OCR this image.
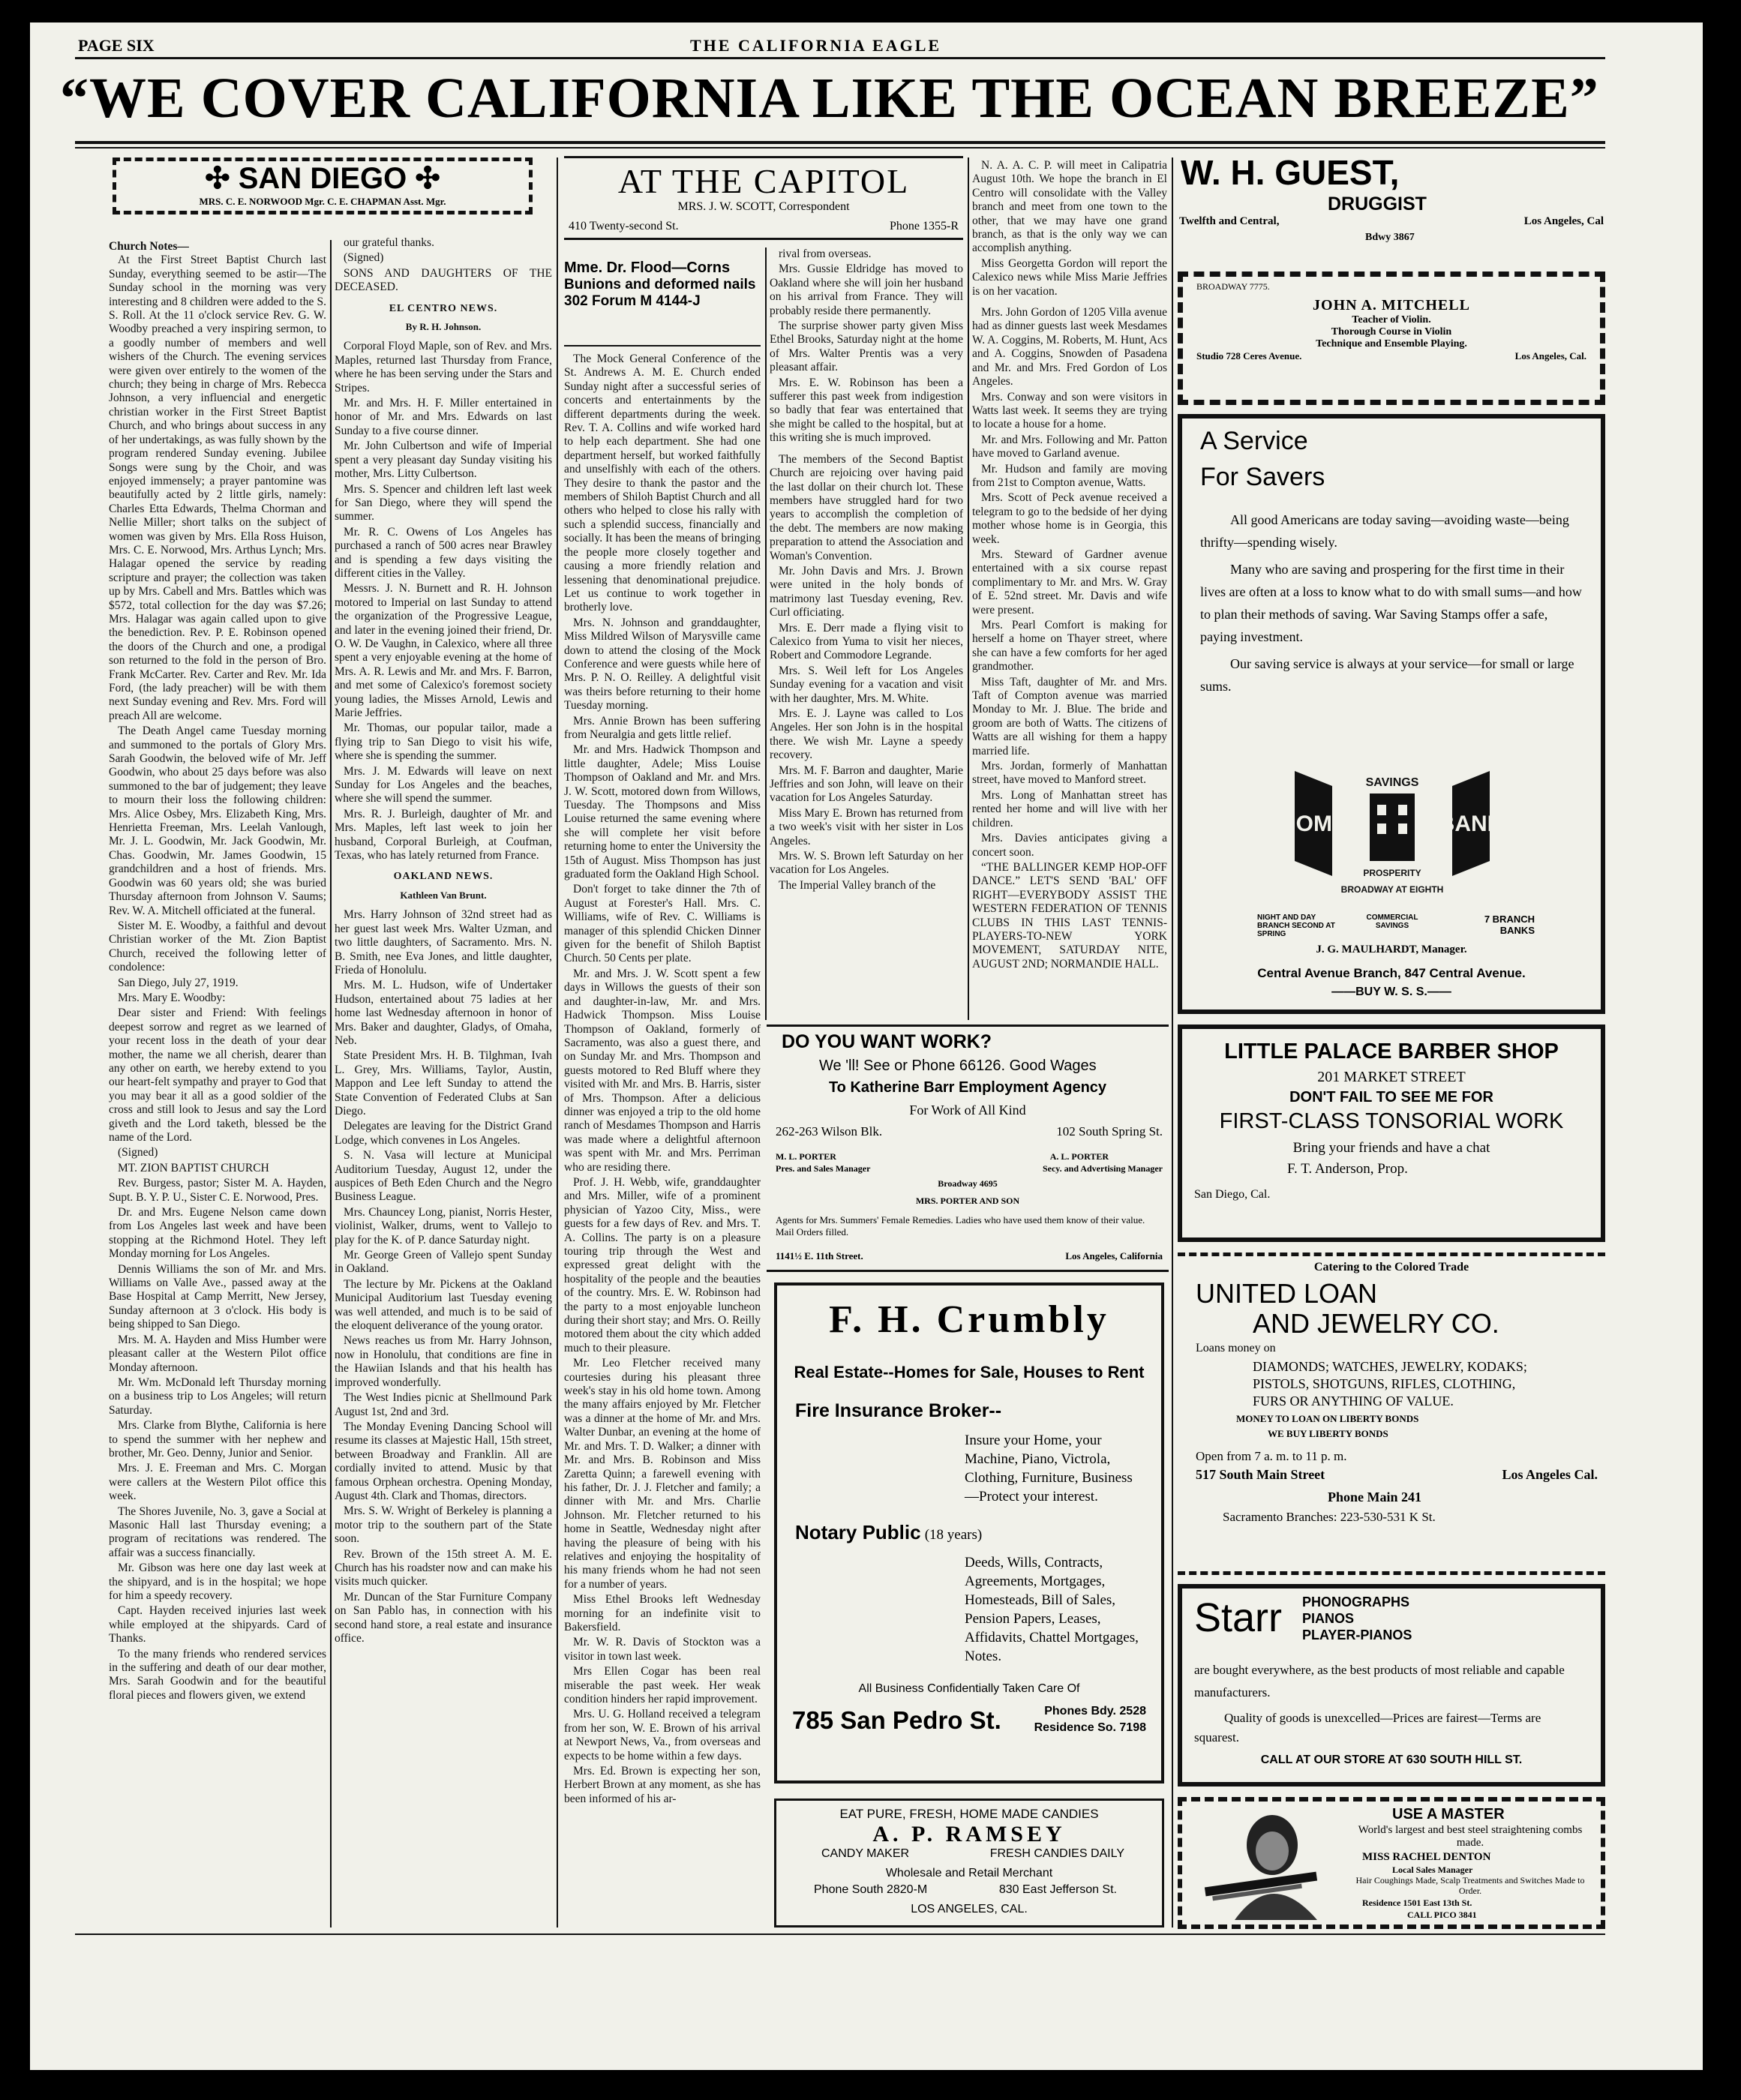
PAGE SIX	THE CALIFORNIA EAGLE
“WE COVER CALIFORNIA LIKE THE OCEAN BREEZE”
✣ SAN DIEGO ✣
MRS. C. E. NORWOOD Mgr. C. E. CHAPMAN Asst. Mgr.
Church Notes—

At the First Street Baptist Church last Sunday, everything seemed to be astir—The Sunday school in the morning was very interesting and 8 children were added to the S. S. Roll. At the 11 o'clock service Rev. G. W. Woodby preached a very inspiring sermon, to a goodly number of members and well wishers of the Church. The evening services were given over entirely to the women of the church; they being in charge of Mrs. Rebecca Johnson, a very influencial and energetic christian worker in the First Street Baptist Church, and who brings about success in any of her undertakings, as was fully shown by the program rendered Sunday evening. Jubilee Songs were sung by the Choir, and was enjoyed immensely; a prayer pantomine was beautifully acted by 2 little girls, namely: Charles Etta Edwards, Thelma Chorman and Nellie Miller; short talks on the subject of women was given by Mrs. Ella Ross Huison, Mrs. C. E. Norwood, Mrs. Arthus Lynch; Mrs. Halagar opened the service by reading scripture and prayer; the collection was taken up by Mrs. Cabell and Mrs. Battles which was $572, total collection for the day was $7.26; Mrs. Halagar was again called upon to give the benediction. Rev. P. E. Robinson opened the doors of the Church and one, a prodigal son returned to the fold in the person of Bro. Frank McCarter. Rev. Carter and Rev. Mr. Ida Ford, (the lady preacher) will be with them next Sunday evening and Rev. Mrs. Ford will preach All are welcome.

The Death Angel came Tuesday morning and summoned to the portals of Glory Mrs. Sarah Goodwin, the beloved wife of Mr. Jeff Goodwin, who about 25 days before was also summoned to the bar of judgement; they leave to mourn their loss the following children: Mrs. Alice Osbey, Mrs. Elizabeth King, Mrs. Henrietta Freeman, Mrs. Leelah Vanlough, Mr. J. L. Goodwin, Mr. Jack Goodwin, Mr. Chas. Goodwin, Mr. James Goodwin, 15 grandchildren and a host of friends. Mrs. Goodwin was 60 years old; she was buried Thursday afternoon from Johnson V. Saums; Rev. W. A. Mitchell officiated at the funeral.

Sister M. E. Woodby, a faithful and devout Christian worker of the Mt. Zion Baptist Church, received the following letter of condolence:

San Diego, July 27, 1919.

Mrs. Mary E. Woodby:

Dear sister and Friend: With feelings deepest sorrow and regret as we learned of your recent loss in the death of your dear mother, the name we all cherish, dearer than any other on earth, we hereby extend to you our heart-felt sympathy and prayer to God that you may bear it all as a good soldier of the cross and still look to Jesus and say the Lord giveth and the Lord taketh, blessed be the name of the Lord.

(Signed)

MT. ZION BAPTIST CHURCH

Rev. Burgess, pastor; Sister M. A. Hayden, Supt. B. Y. P. U., Sister C. E. Norwood, Pres.

Dr. and Mrs. Eugene Nelson came down from Los Angeles last week and have been stopping at the Richmond Hotel. They left Monday morning for Los Angeles.

Dennis Williams the son of Mr. and Mrs. Williams on Valle Ave., passed away at the Base Hospital at Camp Merritt, New Jersey, Sunday afternoon at 3 o'clock. His body is being shipped to San Diego.

Mrs. M. A. Hayden and Miss Humber were pleasant caller at the Western Pilot office Monday afternoon.

Mr. Wm. McDonald left Thursday morning on a business trip to Los Angeles; will return Saturday.

Mrs. Clarke from Blythe, California is here to spend the summer with her nephew and brother, Mr. Geo. Denny, Junior and Senior.

Mrs. J. E. Freeman and Mrs. C. Morgan were callers at the Western Pilot office this week.

The Shores Juvenile, No. 3, gave a Social at Masonic Hall last Thursday evening; a program of recitations was rendered. The affair was a success financially.

Mr. Gibson was here one day last week at the shipyard, and is in the hospital; we hope for him a speedy recovery.

Capt. Hayden received injuries last week while employed at the shipyards. Card of Thanks.

To the many friends who rendered services in the suffering and death of our dear mother, Mrs. Sarah Goodwin and for the beautiful floral pieces and flowers given, we extend

our grateful thanks.

(Signed)

SONS AND DAUGHTERS OF THE DECEASED.

EL CENTRO NEWS.
By R. H. Johnson.

Corporal Floyd Maple, son of Rev. and Mrs. Maples, returned last Thursday from France, where he has been serving under the Stars and Stripes.

Mr. and Mrs. H. F. Miller entertained in honor of Mr. and Mrs. Edwards on last Sunday to a five course dinner.

Mr. John Culbertson and wife of Imperial spent a very pleasant day Sunday visiting his mother, Mrs. Litty Culbertson.

Mrs. S. Spencer and children left last week for San Diego, where they will spend the summer.

Mr. R. C. Owens of Los Angeles has purchased a ranch of 500 acres near Brawley and is spending a few days visiting the different cities in the Valley.

Messrs. J. N. Burnett and R. H. Johnson motored to Imperial on last Sunday to attend the organization of the Progressive League, and later in the evening joined their friend, Dr. O. W. De Vaughn, in Calexico, where all three spent a very enjoyable evening at the home of Mrs. A. R. Lewis and Mr. and Mrs. F. Barron, and met some of Calexico's foremost society young ladies, the Misses Arnold, Lewis and Marie Jeffries.

Mr. Thomas, our popular tailor, made a flying trip to San Diego to visit his wife, where she is spending the summer.

Mrs. J. M. Edwards will leave on next Sunday for Los Angeles and the beaches, where she will spend the summer.

Mrs. R. J. Burleigh, daughter of Mr. and Mrs. Maples, left last week to join her husband, Corporal Burleigh, at Coufman, Texas, who has lately returned from France.

OAKLAND NEWS.
Kathleen Van Brunt.

Mrs. Harry Johnson of 32nd street had as her guest last week Mrs. Walter Uzman, and two little daughters, of Sacramento. Mrs. N. B. Smith, nee Eva Jones, and little daughter, Frieda of Honolulu.

Mrs. M. L. Hudson, wife of Undertaker Hudson, entertained about 75 ladies at her home last Wednesday afternoon in honor of Mrs. Baker and daughter, Gladys, of Omaha, Neb.

State President Mrs. H. B. Tilghman, Ivah L. Grey, Mrs. Williams, Taylor, Austin, Mappon and Lee left Sunday to attend the State Convention of Federated Clubs at San Diego.

Delegates are leaving for the District Grand Lodge, which convenes in Los Angeles.

S. N. Vasa will lecture at Municipal Auditorium Tuesday, August 12, under the auspices of Beth Eden Church and the Negro Business League.

Mrs. Chauncey Long, pianist, Norris Hester, violinist, Walker, drums, went to Vallejo to play for the K. of P. dance Saturday night.

Mr. George Green of Vallejo spent Sunday in Oakland.

The lecture by Mr. Pickens at the Oakland Municipal Auditorium last Tuesday evening was well attended, and much is to be said of the eloquent deliverance of the young orator.

News reaches us from Mr. Harry Johnson, now in Honolulu, that conditions are fine in the Hawiian Islands and that his health has improved wonderfully.

The West Indies picnic at Shellmound Park August 1st, 2nd and 3rd.

The Monday Evening Dancing School will resume its classes at Majestic Hall, 15th street, between Broadway and Franklin. All are cordially invited to attend. Music by that famous Orphean orchestra. Opening Monday, August 4th. Clark and Thomas, directors.

Mrs. S. W. Wright of Berkeley is planning a motor trip to the southern part of the State soon.

Rev. Brown of the 15th street A. M. E. Church has his roadster now and can make his visits much quicker.

Mr. Duncan of the Star Furniture Company on San Pablo has, in connection with his second hand store, a real estate and insurance office.

AT THE CAPITOL
MRS. J. W. SCOTT, Correspondent
410 Twenty-second St.	Phone 1355-R
Mme. Dr. Flood—Corns
Bunions and deformed nails
302 Forum M 4144-J

The Mock General Conference of the St. Andrews A. M. E. Church ended Sunday night after a successful series of concerts and entertainments by the different departments during the week. Rev. T. A. Collins and wife worked hard to help each department. She had one department herself, but worked faithfully and unselfishly with each of the others. They desire to thank the pastor and the members of Shiloh Baptist Church and all others who helped to close his rally with such a splendid success, financially and socially. It has been the means of bringing the people more closely together and causing a more friendly relation and lessening that denominational prejudice. Let us continue to work together in brotherly love.

Mrs. N. Johnson and granddaughter, Miss Mildred Wilson of Marysville came down to attend the closing of the Mock Conference and were guests while here of Mrs. P. N. O. Reilley. A delightful visit was theirs before returning to their home Tuesday morning.

Mrs. Annie Brown has been suffering from Neuralgia and gets little relief.

Mr. and Mrs. Hadwick Thompson and little daughter, Adele; Miss Louise Thompson of Oakland and Mr. and Mrs. J. W. Scott, motored down from Willows, Tuesday. The Thompsons and Miss Louise returned the same evening where she will complete her visit before returning home to enter the University the 15th of August. Miss Thompson has just graduated form the Oakland High School.

Don't forget to take dinner the 7th of August at Forester's Hall. Mrs. C. Williams, wife of Rev. C. Williams is manager of this splendid Chicken Dinner given for the benefit of Shiloh Baptist Church. 50 Cents per plate.

Mr. and Mrs. J. W. Scott spent a few days in Willows the guests of their son and daughter-in-law, Mr. and Mrs. Hadwick Thompson. Miss Louise Thompson of Oakland, formerly of Sacramento, was also a guest there, and on Sunday Mr. and Mrs. Thompson and guests motored to Red Bluff where they visited with Mr. and Mrs. B. Harris, sister of Mrs. Thompson. After a delicious dinner was enjoyed a trip to the old home ranch of Mesdames Thompson and Harris was made where a delightful afternoon was spent with Mr. and Mrs. Perriman who are residing there.

Prof. J. H. Webb, wife, granddaughter and Mrs. Miller, wife of a prominent physician of Yazoo City, Miss., were guests for a few days of Rev. and Mrs. T. A. Collins. The party is on a pleasure touring trip through the West and expressed great delight with the hospitality of the people and the beauties of the country. Mrs. E. W. Robinson had the party to a most enjoyable luncheon during their short stay; and Mrs. O. Reilly motored them about the city which added much to their pleasure.

Mr. Leo Fletcher received many courtesies during his pleasant three week's stay in his old home town. Among the many affairs enjoyed by Mr. Fletcher was a dinner at the home of Mr. and Mrs. Walter Dunbar, an evening at the home of Mr. and Mrs. T. D. Walker; a dinner with Mr. and Mrs. B. Robinson and Miss Zaretta Quinn; a farewell evening with his father, Dr. J. J. Fletcher and family; a dinner with Mr. and Mrs. Charlie Johnson. Mr. Fletcher returned to his home in Seattle, Wednesday night after having the pleasure of being with his relatives and enjoying the hospitality of his many friends whom he had not seen for a number of years.

Miss Ethel Brooks left Wednesday morning for an indefinite visit to Bakersfield.

Mr. W. R. Davis of Stockton was a visitor in town last week.

Mrs Ellen Cogar has been real miserable the past week. Her weak condition hinders her rapid improvement.

Mrs. U. G. Holland received a telegram from her son, W. E. Brown of his arrival at Newport News, Va., from overseas and expects to be home within a few days.

Mrs. Ed. Brown is expecting her son, Herbert Brown at any moment, as she has been informed of his ar-

rival from overseas.

Mrs. Gussie Eldridge has moved to Oakland where she will join her husband on his arrival from France. They will probably reside there permanently.

The surprise shower party given Miss Ethel Brooks, Saturday night at the home of Mrs. Walter Prentis was a very pleasant affair.

Mrs. E. W. Robinson has been a sufferer this past week from indigestion so badly that fear was entertained that she might be called to the hospital, but at this writing she is much improved.

The members of the Second Baptist Church are rejoicing over having paid the last dollar on their church lot. These members have struggled hard for two years to accomplish the completion of the debt. The members are now making preparation to attend the Association and Woman's Convention.

Mr. John Davis and Mrs. J. Brown were united in the holy bonds of matrimony last Tuesday evening, Rev. Curl officiating.

Mrs. E. Derr made a flying visit to Calexico from Yuma to visit her nieces, Robert and Commodore Legrande.

Mrs. S. Weil left for Los Angeles Sunday evening for a vacation and visit with her daughter, Mrs. M. White.

Mrs. E. J. Layne was called to Los Angeles. Her son John is in the hospital there. We wish Mr. Layne a speedy recovery.

Mrs. M. F. Barron and daughter, Marie Jeffries and son John, will leave on their vacation for Los Angeles Saturday.

Miss Mary E. Brown has returned from a two week's visit with her sister in Los Angeles.

Mrs. W. S. Brown left Saturday on her vacation for Los Angeles.

The Imperial Valley branch of the

N. A. A. C. P. will meet in Calipatria August 10th. We hope the branch in El Centro will consolidate with the Valley branch and meet from one town to the other, that we may have one grand branch, as that is the only way we can accomplish anything.

Miss Georgetta Gordon will report the Calexico news while Miss Marie Jeffries is on her vacation.

Mrs. John Gordon of 1205 Villa avenue had as dinner guests last week Mesdames W. A. Coggins, M. Roberts, M. Hunt, Acs and A. Coggins, Snowden of Pasadena and Mr. and Mrs. Fred Gordon of Los Angeles.

Mrs. Conway and son were visitors in Watts last week. It seems they are trying to locate a house for a home.

Mr. and Mrs. Following and Mr. Patton have moved to Garland avenue.

Mr. Hudson and family are moving from 21st to Compton avenue, Watts.

Mrs. Scott of Peck avenue received a telegram to go to the bedside of her dying mother whose home is in Georgia, this week.

Mrs. Steward of Gardner avenue entertained with a six course repast complimentary to Mr. and Mrs. W. Gray of E. 52nd street. Mr. Davis and wife were present.

Mrs. Pearl Comfort is making for herself a home on Thayer street, where she can have a few comforts for her aged grandmother.

Miss Taft, daughter of Mr. and Mrs. Taft of Compton avenue was married Monday to Mr. J. Blue. The bride and groom are both of Watts. The citizens of Watts are all wishing for them a happy married life.

Mrs. Jordan, formerly of Manhattan street, have moved to Manford street.

Mrs. Long of Manhattan street has rented her home and will live with her children.

Mrs. Davies anticipates giving a concert soon.

“THE BALLINGER KEMP HOP-OFF DANCE.” LET'S SEND 'BAL' OFF RIGHT—EVERYBODY ASSIST THE WESTERN FEDERATION OF TENNIS CLUBS IN THIS LAST TENNIS-PLAYERS-TO-NEW YORK MOVEMENT, SATURDAY NITE, AUGUST 2ND; NORMANDIE HALL.

DO YOU WANT WORK?
We 'll! See or Phone 66126. Good Wages
To Katherine Barr Employment Agency
For Work of All Kind
262-263 Wilson Blk.	102 South Spring St.
M. L. PORTER
Pres. and Sales Manager
A. L. PORTER
Secy. and Advertising Manager
Broadway 4695
MRS. PORTER AND SON
Agents for Mrs. Summers' Female Remedies. Ladies who have used them know of their value. Mail Orders filled.
1141½ E. 11th Street.	Los Angeles, California
F. H. Crumbly
Real Estate--Homes for Sale, Houses to Rent
Fire Insurance Broker--
Insure your Home, your Machine, Piano, Victrola, Clothing, Furniture, Business—Protect your interest.
Notary Public (18 years)
Deeds, Wills, Contracts, Agreements, Mortgages, Homesteads, Bill of Sales, Pension Papers, Leases, Affidavits, Chattel Mortgages, Notes.
All Business Confidentially Taken Care Of
785 San Pedro St.	Phones Bdy. 2528
Residence So. 7198
EAT PURE, FRESH, HOME MADE CANDIES
A. P. RAMSEY
CANDY MAKER	FRESH CANDIES DAILY
Wholesale and Retail Merchant
Phone South 2820-M	830 East Jefferson St.
LOS ANGELES, CAL.
W. H. GUEST,
DRUGGIST
Twelfth and Central,	Los Angeles, Cal
Bdwy 3867
BROADWAY 7775.
JOHN A. MITCHELL
Teacher of Violin.
Thorough Course in Violin
Technique and Ensemble Playing.
Studio 728 Ceres Avenue.	Los Angeles, Cal.
A Service
For Savers
All good Americans are today saving—avoiding waste—being thrifty—spending wisely.
Many who are saving and prospering for the first time in their lives are often at a loss to know what to do with small sums—and how to plan their methods of saving. War Saving Stamps offer a safe, paying investment.
Our saving service is always at your service—for small or large sums.
HOME	BANK
SAVINGS
PROSPERITY
BROADWAY AT EIGHTH
NIGHT AND DAY BRANCH SECOND AT SPRING
COMMERCIAL SAVINGS
7 BRANCH BANKS
J. G. MAULHARDT, Manager.
Central Avenue Branch, 847 Central Avenue.
——BUY W. S. S.——
LITTLE PALACE BARBER SHOP
201 MARKET STREET
DON'T FAIL TO SEE ME FOR
FIRST-CLASS TONSORIAL WORK
Bring your friends and have a chat
F. T. Anderson, Prop.
San Diego, Cal.
Catering to the Colored Trade
UNITED LOAN
AND JEWELRY CO.
Loans money on
DIAMONDS; WATCHES, JEWELRY, KODAKS; PISTOLS, SHOTGUNS, RIFLES, CLOTHING, FURS OR ANYTHING OF VALUE.
MONEY TO LOAN ON LIBERTY BONDS
WE BUY LIBERTY BONDS
Open from 7 a. m. to 11 p. m.
517 South Main Street	Los Angeles Cal.
Phone Main 241
Sacramento Branches: 223-530-531 K St.
Starr PHONOGRAPHS
PIANOS
PLAYER-PIANOS
are bought everywhere, as the best products of most reliable and capable manufacturers.
Quality of goods is unexcelled—Prices are fairest—Terms are squarest.
CALL AT OUR STORE AT 630 SOUTH HILL ST.
USE A MASTER
World's largest and best steel straightening combs made.
MISS RACHEL DENTON
Local Sales Manager
Hair Coughings Made, Scalp Treatments and Switches Made to Order.
Residence 1501 East 13th St.
CALL PICO 3841
